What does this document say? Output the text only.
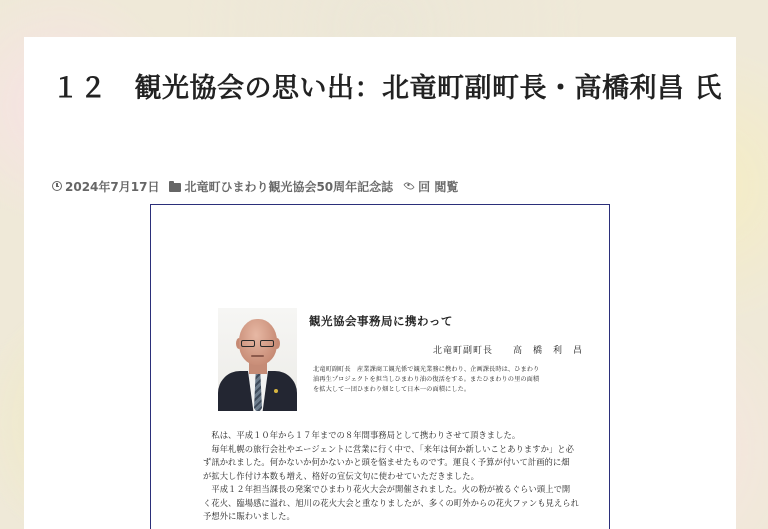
１２　観光協会の思い出：北竜町副町長・高橋利昌 氏
2024年7月17日 北竜町ひまわり観光協会50周年記念誌 回 閲覧
観光協会事務局に携わって
北竜町副町長　　高　橋　利　昌

北竜町副町長　産業課商工観光係で観光業務に携わり、企画課長時は、ひまわり

油再生プロジェクトを担当しひまわり油の復活をする。またひまわりの里の面積

を拡大して一団ひまわり畑として日本一の面積にした。

　私は、平成１０年から１７年までの８年間事務局として携わりさせて頂きました。

　毎年札幌の旅行会社やエージェントに営業に行く中で、「来年は何か新しいことありますか」と必

ず訊かれました。何かないか何かないかと頭を悩ませたものです。運良く予算が付いて計画的に畑

が拡大し作付け本数も増え、格好の宣伝文句に使わせていただきました。

　平成１２年担当課長の発案でひまわり花火大会が開催されました。火の粉が被るぐらい頭上で開

く花火、臨場感に溢れ、旭川の花火大会と重なりましたが、多くの町外からの花火ファンも見えられ

予想外に賑わいました。
